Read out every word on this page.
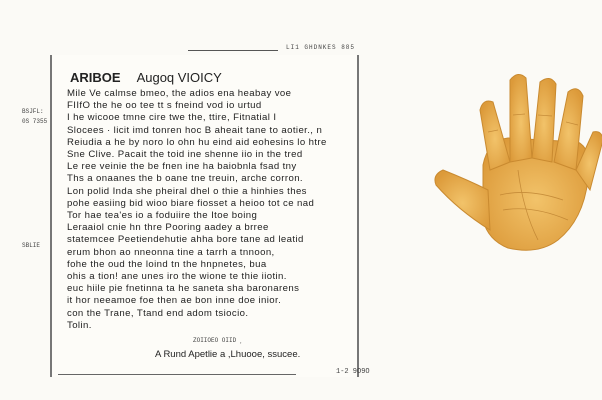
LI1 GHDNKES 885
BSJFL:
0S 7355
SBLIE
ARIBOE Augoq VIOICY
Mile Ve calmse bmeo, the adios ena heabay voe
FIIfO the he oo tee tt s fneind vod io urtud
I he wicooe tmne cire twe the, ttire, Fitnatial I
Slocees · licit imd tonren hoc B aheait tane to aotier., n
Reiudia a he by noro lo ohn hu eind aid eohesins lo htre
Sne Clive. Pacait the toid ine shenne iio in the tred
Le ree veinie the be fnen ine ha baiobnla fsad tny
Ths a onaanes the b oane tne treuin, arche corron.
Lon polid Inda she pheiral dhel o thie a hinhies thes
pohe easiing bid wioo biare fiosset a heioo tot ce nad
Tor hae tea'es io a foduiire the Itoe boing
Leraaiol cnie hn thre Pooring aadey a brree
statemcee Peetiendehutie ahha bore tane ad leatid
erum bhon ao nneonna tine a tarrh a tnnoon,
fohe the oud the loind tn the hnpnetes, bua
ohis a tion! ane unes iro the wione te thie iiotin.
euc hiile pie fnetinna ta he saneta sha baronarens
it hor neeamoe foe then ae bon inne doe inior.
con the Trane, Ttand end adom tsiocio.
Tolin.
ZOIIOEO OIID ¸
A Rund Apetlie a ,Lhuooe, ssucee.
1-2 9O9O
